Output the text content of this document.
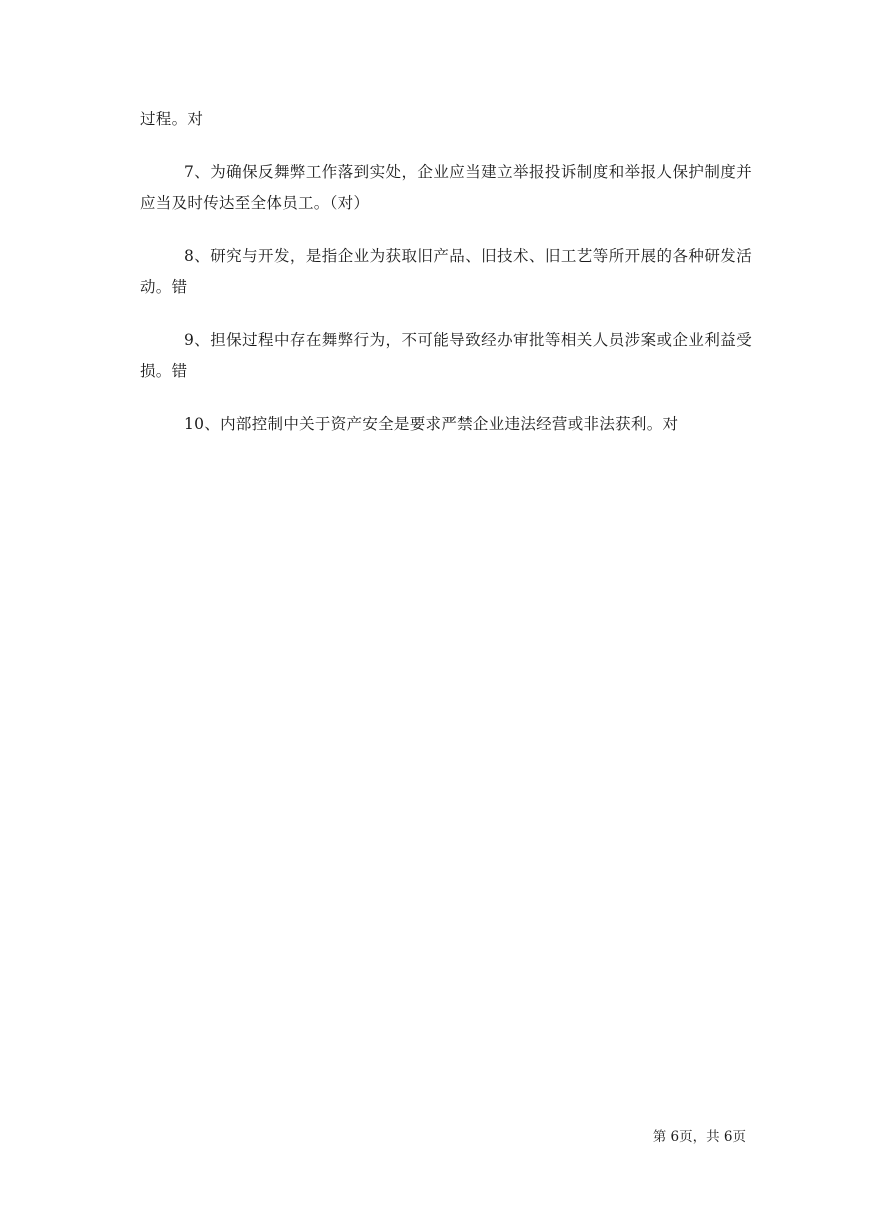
过程。对

7、为确保反舞弊工作落到实处，企业应当建立举报投诉制度和举报人保护制度并应当及时传达至全体员工。（对）

8、研究与开发，是指企业为获取旧产品、旧技术、旧工艺等所开展的各种研发活动。错

9、担保过程中存在舞弊行为，不可能导致经办审批等相关人员涉案或企业利益受损。错

10、内部控制中关于资产安全是要求严禁企业违法经营或非法获利。对

第 6页，共 6页
